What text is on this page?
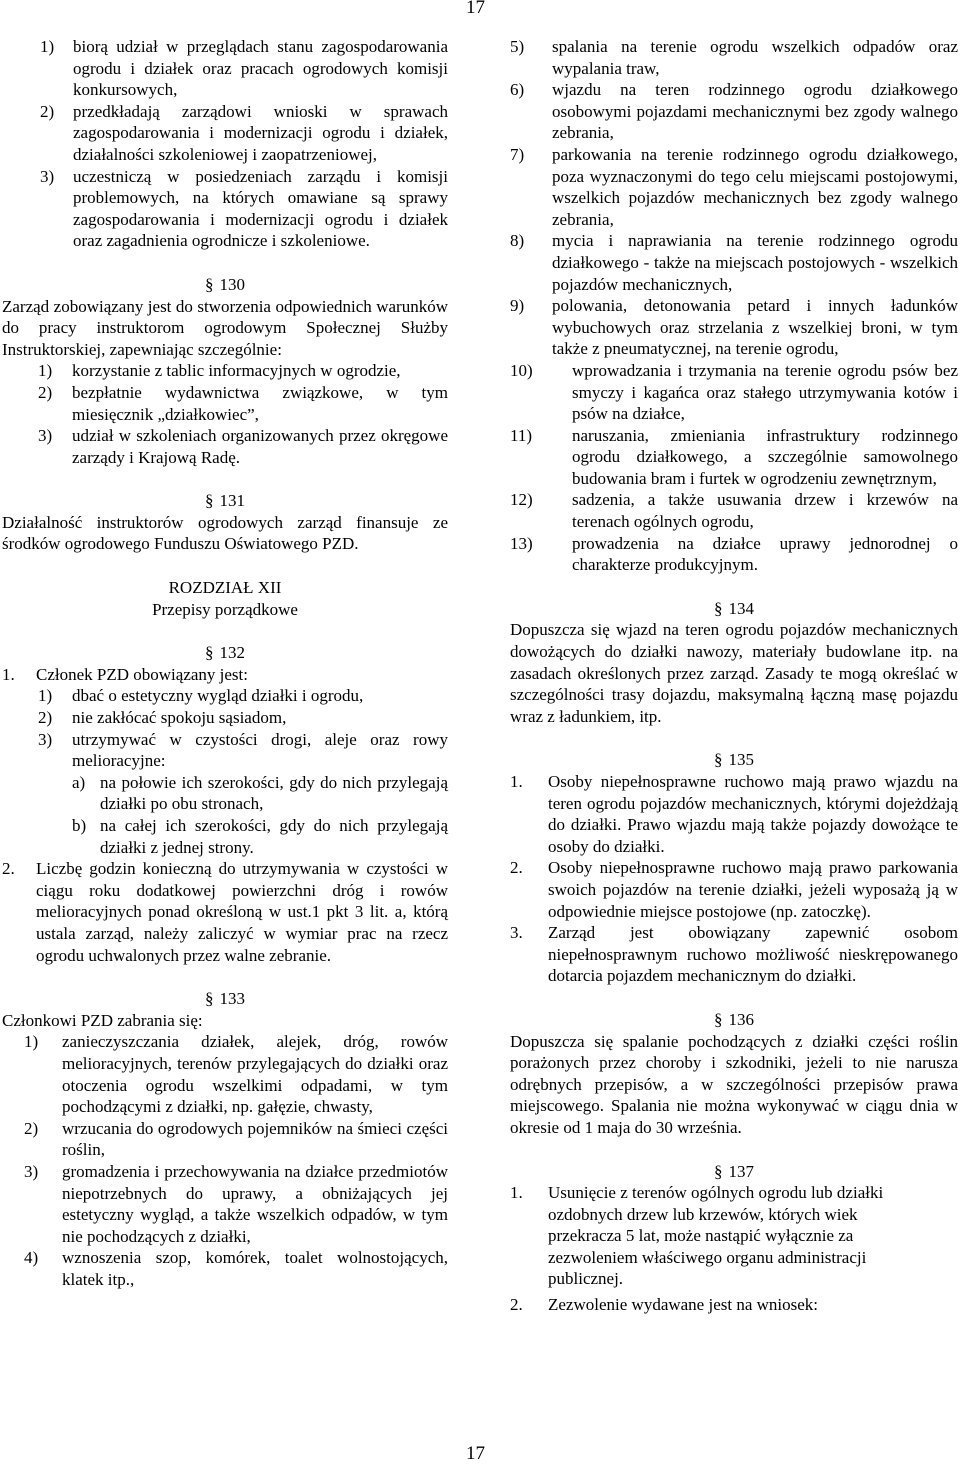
17
17
1)	biorą udział w przeglądach stanu zagospodarowania ogrodu i działek oraz pracach ogrodowych komisji konkursowych,
2)	przedkładają zarządowi wnioski w sprawach zagospodarowania i modernizacji ogrodu i działek, działalności szkoleniowej i zaopatrzeniowej,
3)	uczestniczą w posiedzeniach zarządu i komisji problemowych, na których omawiane są sprawy zagospodarowania i modernizacji ogrodu i działek oraz zagadnienia ogrodnicze i szkoleniowe.
§ 130

Zarząd zobowiązany jest do stworzenia odpowiednich warunków do pracy instruktorom ogrodowym Społecznej Służby Instruktorskiej, zapewniając szczególnie:

1)	korzystanie z tablic informacyjnych w ogrodzie,
2)	bezpłatnie wydawnictwa związkowe, w tym miesięcznik „działkowiec”,
3)	udział w szkoleniach organizowanych przez okręgowe zarządy i Krajową Radę.
§ 131

Działalność instruktorów ogrodowych zarząd finansuje ze środków ogrodowego Funduszu Oświatowego PZD.

ROZDZIAŁ XII

Przepisy porządkowe

§ 132
1.	Członek PZD obowiązany jest:
1)	dbać o estetyczny wygląd działki i ogrodu,
2)	nie zakłócać spokoju sąsiadom,
3)	utrzymywać w czystości drogi, aleje oraz rowy melioracyjne:
a) na połowie ich szerokości, gdy do nich przylegają działki po obu stronach,
b) na całej ich szerokości, gdy do nich przylegają działki z jednej strony.
2.	Liczbę godzin konieczną do utrzymywania w czystości w ciągu roku dodatkowej powierzchni dróg i rowów melioracyjnych ponad określoną w ust.1 pkt 3 lit. a, którą ustala zarząd, należy zaliczyć w wymiar prac na rzecz ogrodu uchwalonych przez walne zebranie.
§ 133

Członkowi PZD zabrania się:

1)	zanieczyszczania działek, alejek, dróg, rowów melioracyjnych, terenów przylegających do działki oraz otoczenia ogrodu wszelkimi odpadami, w tym pochodzącymi z działki, np. gałęzie, chwasty,
2)	wrzucania do ogrodowych pojemników na śmieci części roślin,
3)	gromadzenia i przechowywania na działce przedmiotów niepotrzebnych do uprawy, a obniżających jej estetyczny wygląd, a także wszelkich odpadów, w tym nie pochodzących z działki,
4)	wznoszenia szop, komórek, toalet wolnostojących, klatek itp.,
5)	spalania na terenie ogrodu wszelkich odpadów oraz wypalania traw,
6)	wjazdu na teren rodzinnego ogrodu działkowego osobowymi pojazdami mechanicznymi bez zgody walnego zebrania,
7)	parkowania na terenie rodzinnego ogrodu działkowego, poza wyznaczonymi do tego celu miejscami postojowymi, wszelkich pojazdów mechanicznych bez zgody walnego zebrania,
8)	mycia i naprawiania na terenie rodzinnego ogrodu działkowego - także na miejscach postojowych - wszelkich pojazdów mechanicznych,
9)	polowania, detonowania petard i innych ładunków wybuchowych oraz strzelania z wszelkiej broni, w tym także z pneumatycznej, na terenie ogrodu,
10)	wprowadzania i trzymania na terenie ogrodu psów bez smyczy i kagańca oraz stałego utrzymywania kotów i psów na działce,
11)	naruszania, zmieniania infrastruktury rodzinnego ogrodu działkowego, a szczególnie samowolnego budowania bram i furtek w ogrodzeniu zewnętrznym,
12)	sadzenia, a także usuwania drzew i krzewów na terenach ogólnych ogrodu,
13)	prowadzenia na działce uprawy jednorodnej o charakterze produkcyjnym.
§ 134

Dopuszcza się wjazd na teren ogrodu pojazdów mechanicznych dowożących do działki nawozy, materiały budowlane itp. na zasadach określonych przez zarząd. Zasady te mogą określać w szczególności trasy dojazdu, maksymalną łączną masę pojazdu wraz z ładunkiem, itp.

§ 135
1.	Osoby niepełnosprawne ruchowo mają prawo wjazdu na teren ogrodu pojazdów mechanicznych, którymi dojeżdżają do działki. Prawo wjazdu mają także pojazdy dowożące te osoby do działki.
2.	Osoby niepełnosprawne ruchowo mają prawo parkowania swoich pojazdów na terenie działki, jeżeli wyposażą ją w odpowiednie miejsce postojowe (np. zatoczkę).
3.	Zarząd jest obowiązany zapewnić osobom niepełnosprawnym ruchowo możliwość nieskrępowanego dotarcia pojazdem mechanicznym do działki.
§ 136

Dopuszcza się spalanie pochodzących z działki części roślin porażonych przez choroby i szkodniki, jeżeli to nie narusza odrębnych przepisów, a w szczególności przepisów prawa miejscowego. Spalania nie można wykonywać w ciągu dnia w okresie od 1 maja do 30 września.

§ 137
1.	Usunięcie z terenów ogólnych ogrodu lub działki ozdobnych drzew lub krzewów, których wiek przekracza 5 lat, może nastąpić wyłącznie za zezwoleniem właściwego organu administracji publicznej.
2.	Zezwolenie wydawane jest na wniosek:
